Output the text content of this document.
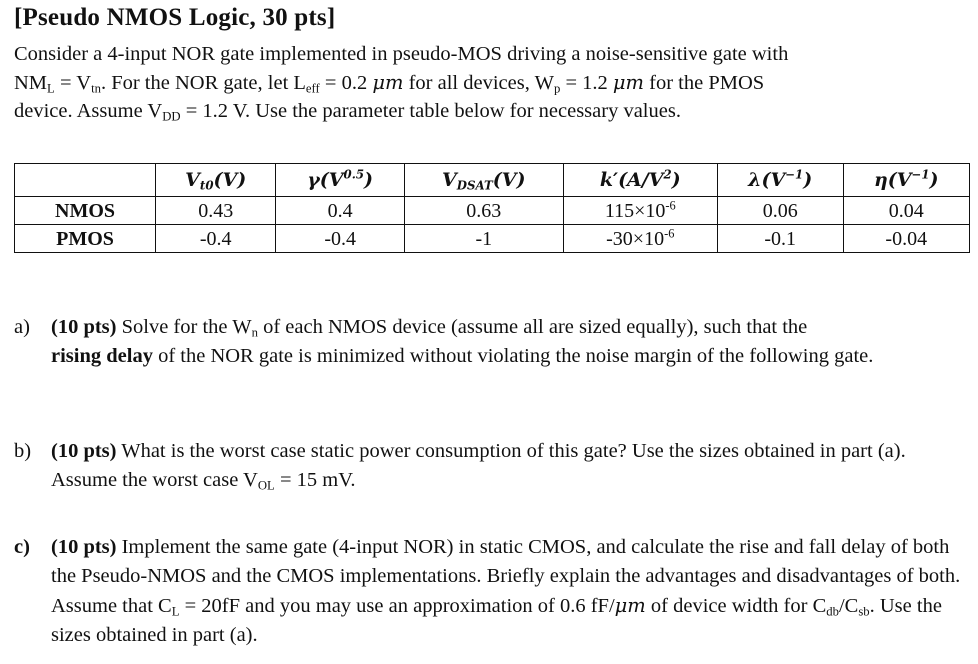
[Pseudo NMOS Logic, 30 pts]

Consider a 4-input NOR gate implemented in pseudo-MOS driving a noise-sensitive gate with

$NM_L = V_{tn}$. For the NOR gate, let $L_{eff} = 0.2$ μm for all devices, $W_p = 1.2$ μm for the PMOS

device. Assume $V_{DD} = 1.2$ V. Use the parameter table below for necessary values.

	$V_{t0}(V)$	$\gamma(V^{0.5})$	$V_{DSAT}(V)$	$k'(A/V^2)$	$\lambda(V^{-1})$	$\eta(V^{-1})$
NMOS	0.43	0.4	0.63	$115\times 10^{-6}$	0.06	0.04
PMOS	-0.4	-0.4	-1	$-30\times 10^{-6}$	-0.1	-0.04
a) (10 pts) Solve for the $W_n$ of each NMOS device (assume all are sized equally), such that the
rising delay of the NOR gate is minimized without violating the noise margin of the following gate.
b) (10 pts) What is the worst case static power consumption of this gate? Use the sizes obtained in part (a). Assume the worst case $V_{OL} = 15$ mV.
c) (10 pts) Implement the same gate (4-input NOR) in static CMOS, and calculate the rise and fall delay of both the Pseudo-NMOS and the CMOS implementations. Briefly explain the advantages and disadvantages of both. Assume that $C_L = 20fF$ and you may use an approximation of 0.6 fF/μm of device width for $C_{db}/C_{sb}$. Use the sizes obtained in part (a).
